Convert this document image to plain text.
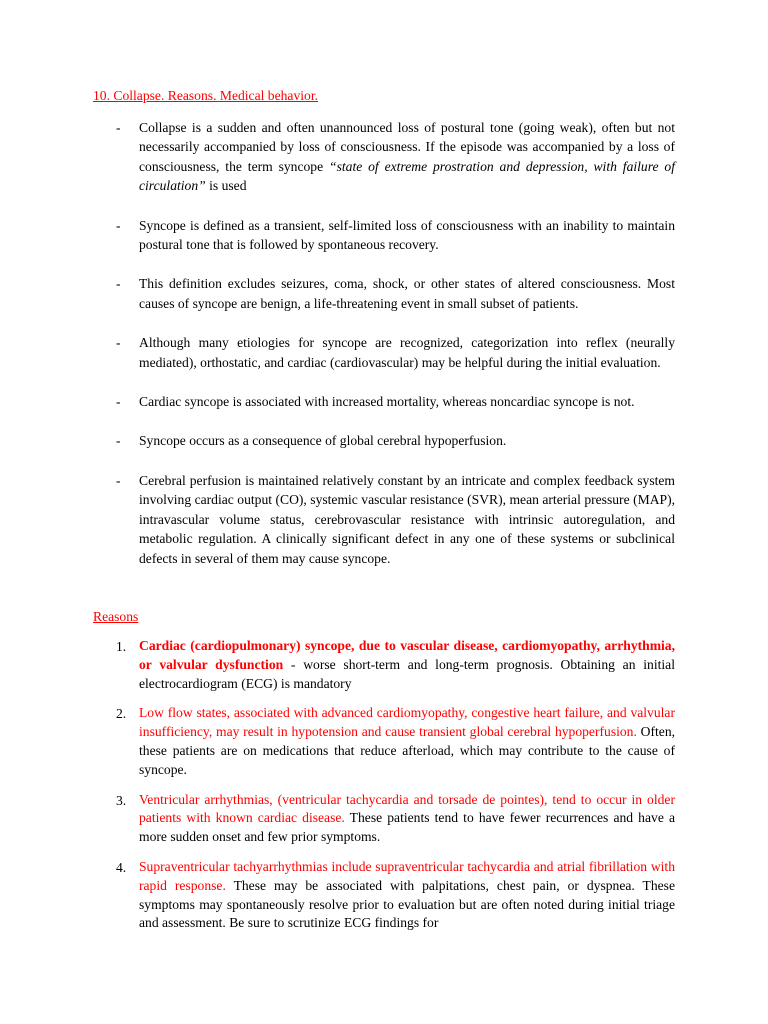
10. Collapse. Reasons. Medical behavior.
- Collapse is a sudden and often unannounced loss of postural tone (going weak), often but not necessarily accompanied by loss of consciousness. If the episode was accompanied by a loss of consciousness, the term syncope “state of extreme prostration and depression, with failure of circulation” is used
- Syncope is defined as a transient, self-limited loss of consciousness with an inability to maintain postural tone that is followed by spontaneous recovery.
- This definition excludes seizures, coma, shock, or other states of altered consciousness. Most causes of syncope are benign, a life-threatening event in small subset of patients.
- Although many etiologies for syncope are recognized, categorization into reflex (neurally mediated), orthostatic, and cardiac (cardiovascular) may be helpful during the initial evaluation.
- Cardiac syncope is associated with increased mortality, whereas noncardiac syncope is not.
- Syncope occurs as a consequence of global cerebral hypoperfusion.
- Cerebral perfusion is maintained relatively constant by an intricate and complex feedback system involving cardiac output (CO), systemic vascular resistance (SVR), mean arterial pressure (MAP), intravascular volume status, cerebrovascular resistance with intrinsic autoregulation, and metabolic regulation. A clinically significant defect in any one of these systems or subclinical defects in several of them may cause syncope.
Reasons
1. Cardiac (cardiopulmonary) syncope, due to vascular disease, cardiomyopathy, arrhythmia, or valvular dysfunction - worse short-term and long-term prognosis. Obtaining an initial electrocardiogram (ECG) is mandatory
2. Low flow states, associated with advanced cardiomyopathy, congestive heart failure, and valvular insufficiency, may result in hypotension and cause transient global cerebral hypoperfusion. Often, these patients are on medications that reduce afterload, which may contribute to the cause of syncope.
3. Ventricular arrhythmias, (ventricular tachycardia and torsade de pointes), tend to occur in older patients with known cardiac disease. These patients tend to have fewer recurrences and have a more sudden onset and few prior symptoms.
4. Supraventricular tachyarrhythmias include supraventricular tachycardia and atrial fibrillation with rapid response. These may be associated with palpitations, chest pain, or dyspnea. These symptoms may spontaneously resolve prior to evaluation but are often noted during initial triage and assessment. Be sure to scrutinize ECG findings for
